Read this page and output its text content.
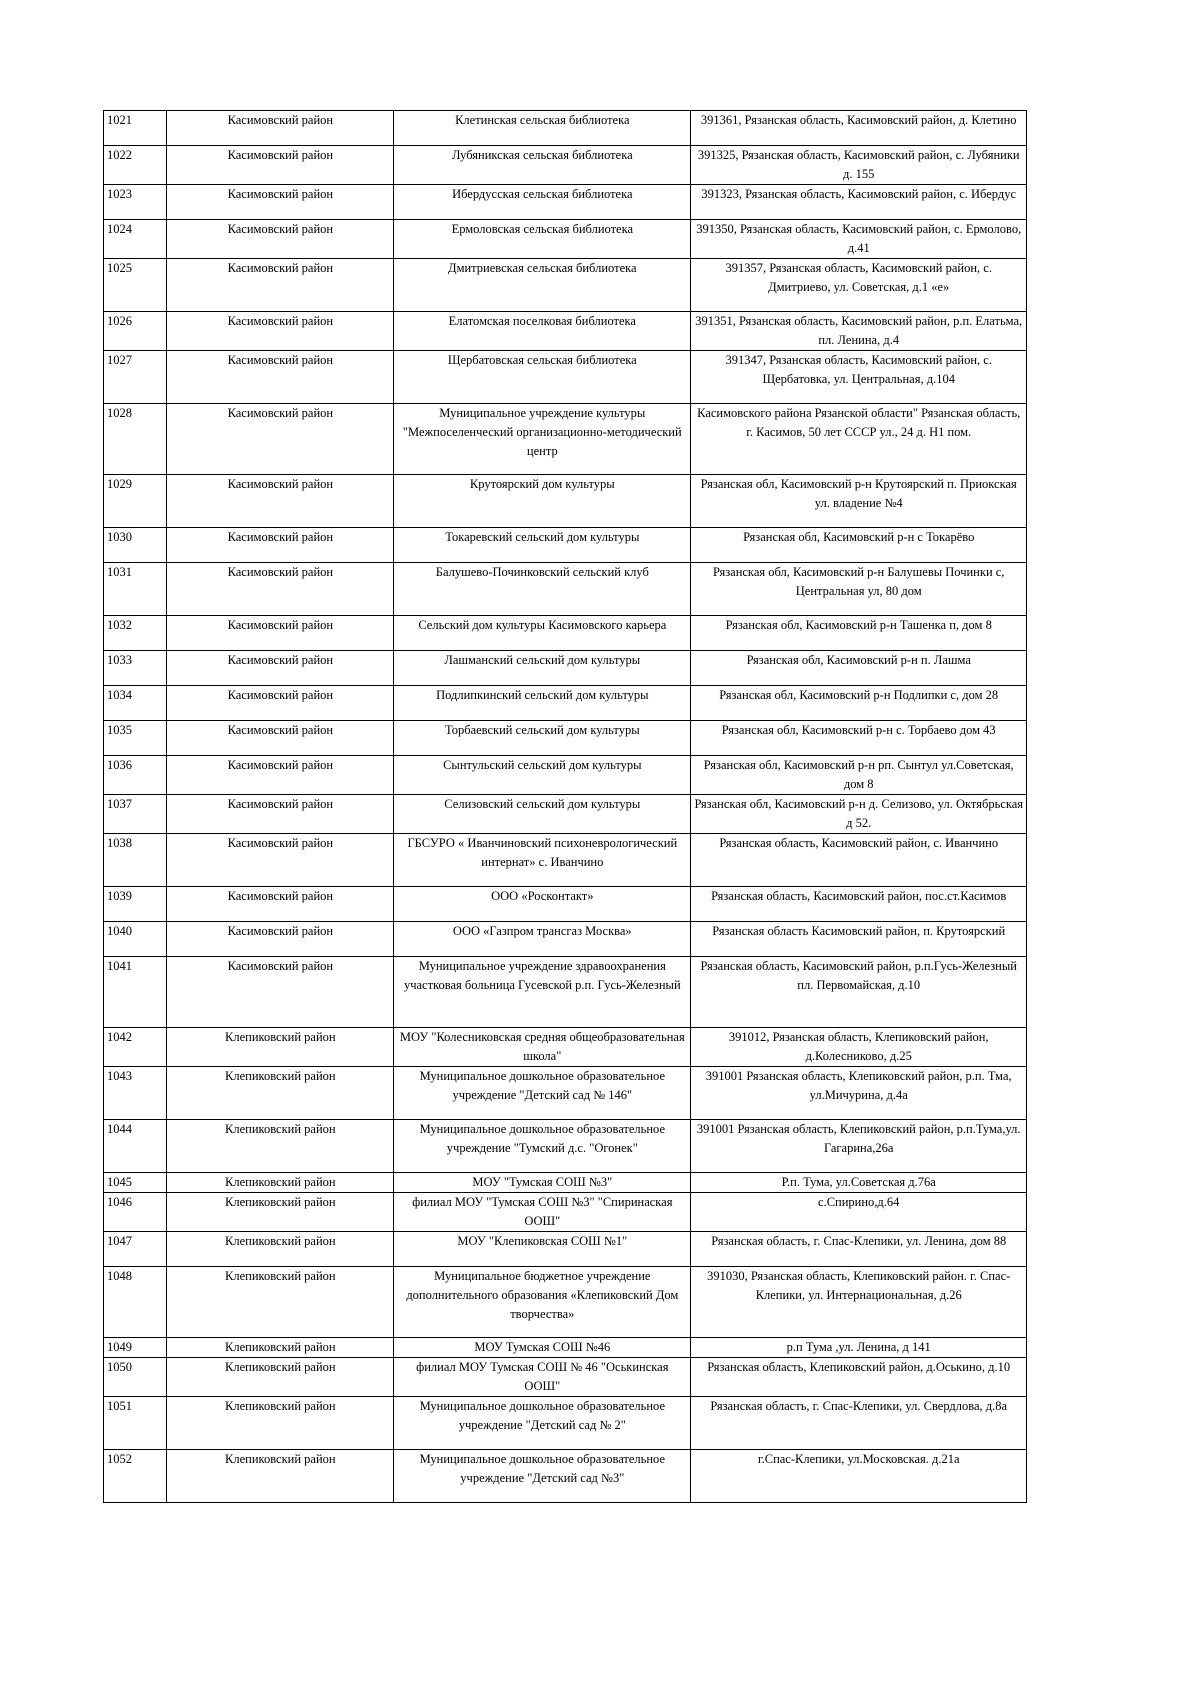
1021	Касимовский район	Клетинская сельская библиотека	391361, Рязанская область, Касимовский район, д. Клетино
1022	Касимовский район	Лубяникская сельская библиотека	391325, Рязанская область, Касимовский район, с. Лубяники д. 155
1023	Касимовский район	Ибердусская сельская библиотека	391323, Рязанская область, Касимовский район, с. Ибердус
1024	Касимовский район	Ермоловская сельская библиотека	391350, Рязанская область, Касимовский район, с. Ермолово, д.41
1025	Касимовский район	Дмитриевская сельская библиотека	391357, Рязанская область, Касимовский район, с. Дмитриево, ул. Советская, д.1 «е»
1026	Касимовский район	Елатомская поселковая библиотека	391351, Рязанская область, Касимовский район, р.п. Елатьма, пл. Ленина, д.4
1027	Касимовский район	Щербатовская сельская библиотека	391347, Рязанская область, Касимовский район, с. Щербатовка, ул. Центральная, д.104
1028	Касимовский район	Муниципальное учреждение культуры "Межпоселенческий организационно-методический центр	Касимовского района Рязанской области" Рязанская область, г. Касимов, 50 лет СССР ул., 24 д. Н1 пом.
1029	Касимовский район	Крутоярский дом культуры	Рязанская обл, Касимовский р-н Крутоярский п. Приокская ул. владение №4
1030	Касимовский район	Токаревский сельский дом культуры	Рязанская обл, Касимовский р-н с Токарёво
1031	Касимовский район	Балушево-Починковский сельский клуб	Рязанская обл, Касимовский р-н Балушевы Починки с, Центральная ул, 80 дом
1032	Касимовский район	Сельский дом культуры Касимовского карьера	Рязанская обл, Касимовский р-н Ташенка п, дом 8
1033	Касимовский район	Лашманский сельский дом культуры	Рязанская обл, Касимовский р-н п. Лашма
1034	Касимовский район	Подлипкинский сельский дом культуры	Рязанская обл, Касимовский р-н Подлипки с, дом 28
1035	Касимовский район	Торбаевский сельский дом культуры	Рязанская обл, Касимовский р-н с. Торбаево дом 43
1036	Касимовский район	Сынтульский сельский дом культуры	Рязанская обл, Касимовский р-н рп. Сынтул ул.Советская, дом 8
1037	Касимовский район	Селизовский сельский дом культуры	Рязанская обл, Касимовский р-н д. Селизово, ул. Октябрьская д 52.
1038	Касимовский район	ГБСУРО « Иванчиновский психоневрологический интернат» с. Иванчино	Рязанская область, Касимовский район, с. Иванчино
1039	Касимовский район	ООО «Росконтакт»	Рязанская область, Касимовский район, пос.ст.Касимов
1040	Касимовский район	ООО «Газпром трансгаз Москва»	Рязанская область Касимовский район, п. Крутоярский
1041	Касимовский район	Муниципальное учреждение здравоохранения участковая больница Гусевской р.п. Гусь-Железный	Рязанская область, Касимовский район, р.п.Гусь-Железный пл. Первомайская, д.10
1042	Клепиковский район	МОУ "Колесниковская средняя общеобразовательная школа"	391012, Рязанская область, Клепиковский район, д.Колесниково, д.25
1043	Клепиковский район	Муниципальное дошкольное образовательное учреждение "Детский сад № 146"	391001 Рязанская область, Клепиковский район, р.п. Тма, ул.Мичурина, д.4а
1044	Клепиковский район	Муниципальное дошкольное образовательное учреждение "Тумский д.с. "Огонек"	391001 Рязанская область, Клепиковский район, р.п.Тума,ул. Гагарина,26а
1045	Клепиковский район	МОУ "Тумская СОШ №3"	Р.п. Тума, ул.Советская д.76а
1046	Клепиковский район	филиал МОУ "Тумская СОШ №3" "Спиринаская ООШ"	с.Спирино,д.64
1047	Клепиковский район	МОУ "Клепиковская СОШ №1"	Рязанская область, г. Спас-Клепики, ул. Ленина, дом 88
1048	Клепиковский район	Муниципальное бюджетное учреждение дополнительного образования «Клепиковский Дом творчества»	391030, Рязанская область, Клепиковский район. г. Спас-Клепики, ул. Интернациональная, д.26
1049	Клепиковский район	МОУ Тумская СОШ №46	р.п Тума ,ул. Ленина, д 141
1050	Клепиковский район	филиал МОУ Тумская СОШ № 46 "Оськинская ООШ"	Рязанская область, Клепиковский район, д.Оськино, д.10
1051	Клепиковский район	Муниципальное дошкольное образовательное учреждение "Детский сад № 2"	Рязанская область, г. Спас-Клепики, ул. Свердлова, д.8а
1052	Клепиковский район	Муниципальное дошкольное образовательное учреждение "Детский сад №3"	г.Спас-Клепики, ул.Московская. д.21а
